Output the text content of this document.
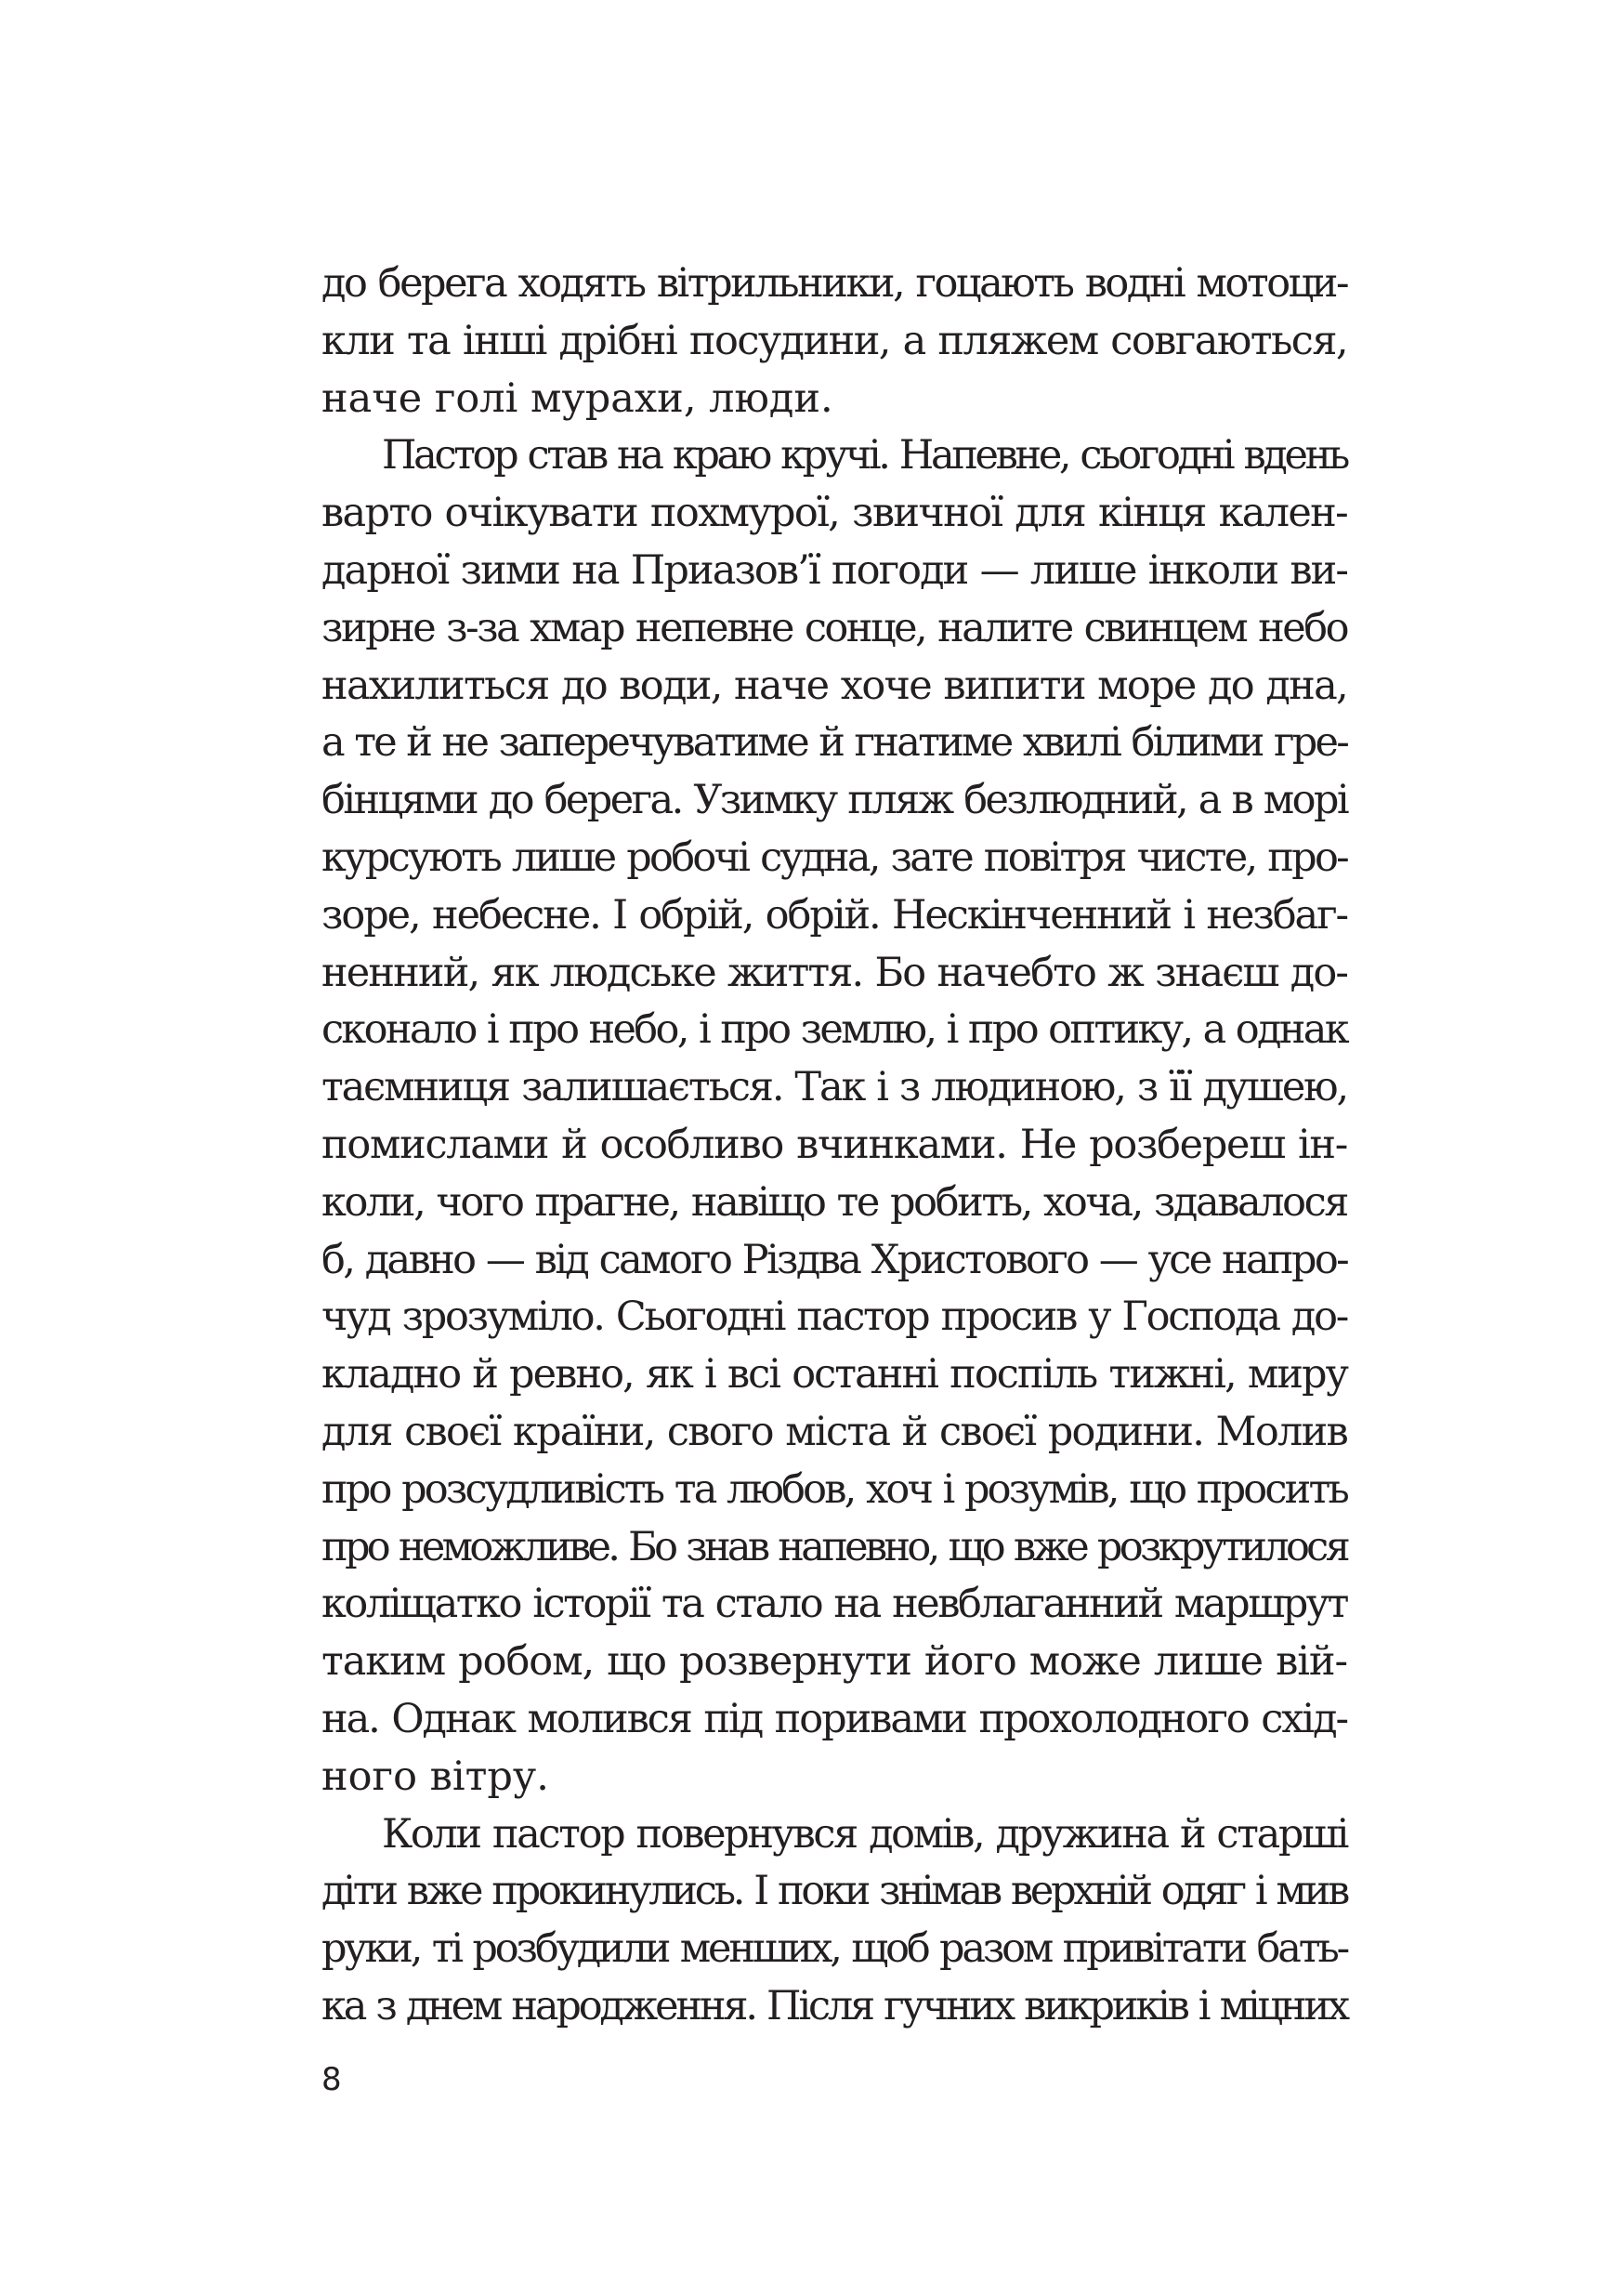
до берега ходять вітрильники, гоцають водні мотоци-
кли та інші дрібні посудини, а пляжем совгаються,
наче голі мурахи, люди.
Пастор став на краю кручі. Напевне, сьогодні вдень
варто очікувати похмурої, звичної для кінця кален-
дарної зими на Приазов’ї погоди — лише інколи ви-
зирне з-за хмар непевне сонце, налите свинцем небо
нахилиться до води, наче хоче випити море до дна,
а те й не заперечуватиме й гнатиме хвилі білими гре-
бінцями до берега. Узимку пляж безлюдний, а в морі
курсують лише робочі судна, зате повітря чисте, про-
зоре, небесне. І обрій, обрій. Нескінченний і незбаг-
ненний, як людське життя. Бо начебто ж знаєш до-
сконало і про небо, і про землю, і про оптику, а однак
таємниця залишається. Так і з людиною, з її душею,
помислами й особливо вчинками. Не розбереш ін-
коли, чого прагне, навіщо те робить, хоча, здавалося
б, давно — від самого Різдва Христового — усе напро-
чуд зрозуміло. Сьогодні пастор просив у Господа до-
кладно й ревно, як і всі останні поспіль тижні, миру
для своєї країни, свого міста й своєї родини. Молив
про розсудливість та любов, хоч і розумів, що просить
про неможливе. Бо знав напевно, що вже розкрутилося
коліщатко історії та стало на невблаганний маршрут
таким робом, що розвернути його може лише вій-
на. Однак молився під поривами прохолодного схід-
ного вітру.
Коли пастор повернувся домів, дружина й старші
діти вже прокинулись. І поки знімав верхній одяг і мив
руки, ті розбудили менших, щоб разом привітати бать-
ка з днем народження. Після гучних викриків і міцних
8
